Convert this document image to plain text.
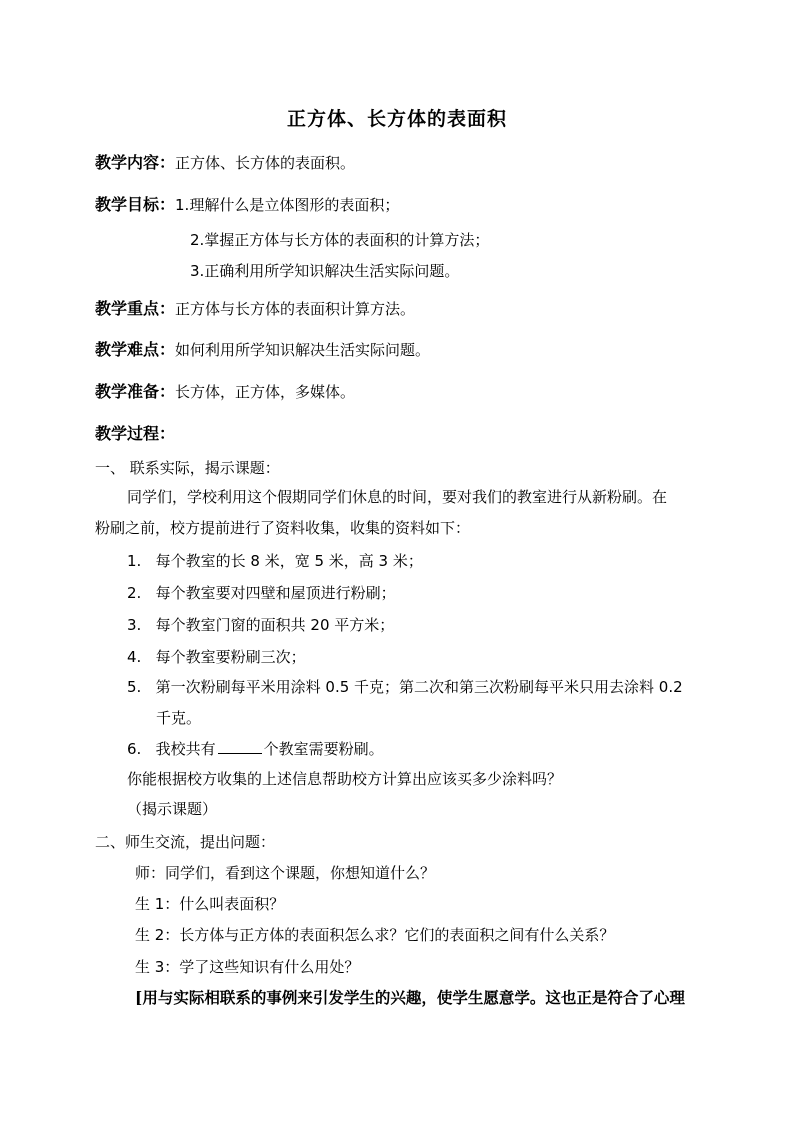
正方体、长方体的表面积
教学内容：正方体、长方体的表面积。
教学目标：1.理解什么是立体图形的表面积；
2.掌握正方体与长方体的表面积的计算方法；
3.正确利用所学知识解决生活实际问题。
教学重点：正方体与长方体的表面积计算方法。
教学难点：如何利用所学知识解决生活实际问题。
教学准备：长方体，正方体，多媒体。
教学过程：
一、 联系实际，揭示课题：
同学们，学校利用这个假期同学们休息的时间，要对我们的教室进行从新粉刷。在
粉刷之前，校方提前进行了资料收集，收集的资料如下：
1. 每个教室的长 8 米，宽 5 米，高 3 米；
2. 每个教室要对四壁和屋顶进行粉刷；
3. 每个教室门窗的面积共 20 平方米；
4. 每个教室要粉刷三次；
5. 第一次粉刷每平米用涂料 0.5 千克；第二次和第三次粉刷每平米只用去涂料 0.2
千克。
6. 我校共有	个教室需要粉刷。
你能根据校方收集的上述信息帮助校方计算出应该买多少涂料吗？
（揭示课题）
二、师生交流，提出问题：
师：同学们，看到这个课题，你想知道什么？
生 1：什么叫表面积？
生 2：长方体与正方体的表面积怎么求？它们的表面积之间有什么关系？
生 3：学了这些知识有什么用处？
[用与实际相联系的事例来引发学生的兴趣，使学生愿意学。这也正是符合了心理
